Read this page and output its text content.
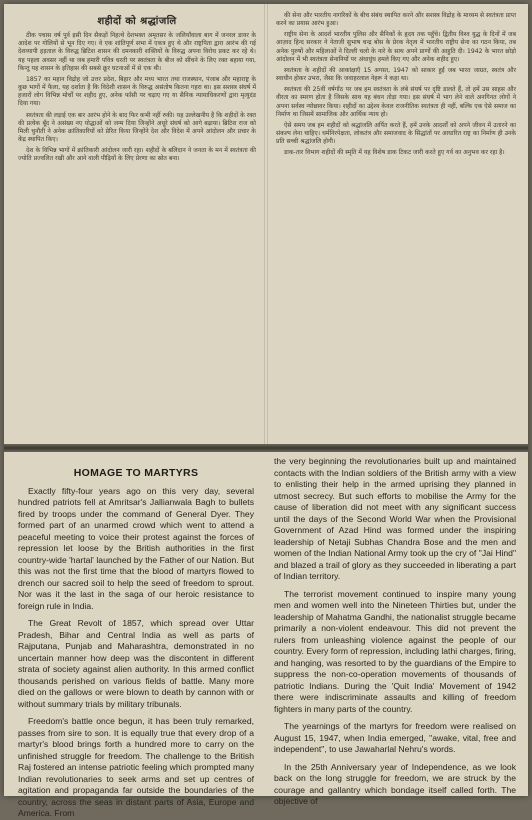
शहीदों को श्रद्धांजलि

ठीक पचास वर्ष पूर्व इसी दिन सैकड़ों निहत्थे देशभक्त अमृतसर के जलियाँवाला बाग में जनरल डायर के आदेश पर गोलियों से भून दिए गए। वे एक शांतिपूर्ण सभा में एकत्र हुए थे और राष्ट्रपिता द्वारा आरंभ की गई देशव्यापी हड़ताल के विरुद्ध ब्रिटिश शासन की दमनकारी शक्तियों के विरुद्ध अपना विरोध प्रकट कर रहे थे। यह पहला अवसर नहीं था जब हमारी पवित्र धरती पर स्वतंत्रता के बीज को सींचने के लिए रक्त बहाया गया, किन्तु यह शासन के इतिहास की सबसे क्रूर घटनाओं में से एक थी।

1857 का महान विद्रोह जो उत्तर प्रदेश, बिहार और मध्य भारत तथा राजस्थान, पंजाब और महाराष्ट्र के कुछ भागों में फैला, यह दर्शाता है कि विदेशी शासन के विरुद्ध असंतोष कितना गहरा था। इस सशस्त्र संघर्ष में हजारों लोग विभिन्न मोर्चों पर शहीद हुए, अनेक फाँसी पर चढ़ाए गए या सैनिक न्यायाधिकरणों द्वारा मृत्युदंड दिया गया।

स्वतंत्रता की लड़ाई एक बार आरंभ होने के बाद फिर कभी नहीं रुकी। यह उल्लेखनीय है कि शहीदों के रक्त की प्रत्येक बूँद ने असंख्य नए योद्धाओं को जन्म दिया जिन्होंने अधूरे संघर्ष को आगे बढ़ाया। ब्रिटिश राज को मिली चुनौती ने अनेक क्रांतिकारियों को प्रेरित किया जिन्होंने देश और विदेश में अपने आंदोलन और प्रचार के केंद्र स्थापित किए।

देश के विभिन्न भागों में क्रांतिकारी आंदोलन जारी रहा। शहीदों के बलिदान ने जनता के मन में स्वतंत्रता की ज्योति प्रज्वलित रखी और आने वाली पीढ़ियों के लिए प्रेरणा का स्रोत बना।

की सेना और भारतीय नागरिकों के बीच संबंध स्थापित करने और सशस्त्र विद्रोह के माध्यम से स्वतंत्रता प्राप्त करने का प्रयास आरंभ हुआ।

राष्ट्रीय सेना के आदर्श भारतीय पुलिस और सैनिकों के हृदय तक पहुँचे। द्वितीय विश्व युद्ध के दिनों में जब आज़ाद हिन्द सरकार ने नेताजी सुभाष चन्द्र बोस के प्रेरक नेतृत्व में भारतीय राष्ट्रीय सेना का गठन किया, तब अनेक पुरुषों और महिलाओं ने दिल्ली चलो के नारे के साथ अपने प्राणों की आहुति दी। 1942 के भारत छोड़ो आंदोलन में भी स्वतंत्रता सेनानियों पर अंधाधुंध हमले किए गए और अनेक शहीद हुए।

स्वतंत्रता के शहीदों की आकांक्षाएँ 15 अगस्त, 1947 को साकार हुईं जब भारत जाग्रत, स्वतंत्र और स्वाधीन होकर उभरा, जैसा कि जवाहरलाल नेहरू ने कहा था।

स्वतंत्रता की 25वीं वर्षगाँठ पर जब हम स्वतंत्रता के लंबे संघर्ष पर दृष्टि डालते हैं, तो हमें उस साहस और वीरता का स्मरण होता है जिसके साथ यह बंधन तोड़ा गया। इस संघर्ष में भाग लेने वाले अनगिनत लोगों ने अपना सर्वस्व न्योछावर किया। शहीदों का उद्देश्य केवल राजनीतिक स्वतंत्रता ही नहीं, बल्कि एक ऐसे समाज का निर्माण था जिसमें सामाजिक और आर्थिक न्याय हो।

ऐसे समय जब हम शहीदों को श्रद्धांजलि अर्पित करते हैं, हमें उनके आदर्शों को अपने जीवन में उतारने का संकल्प लेना चाहिए। धर्मनिरपेक्षता, लोकतंत्र और समाजवाद के सिद्धांतों पर आधारित राष्ट्र का निर्माण ही उनके प्रति सच्ची श्रद्धांजलि होगी।

डाक-तार विभाग शहीदों की स्मृति में यह विशेष डाक टिकट जारी करते हुए गर्व का अनुभव कर रहा है।

HOMAGE TO MARTYRS

Exactly fifty-four years ago on this very day, several hundred patriots fell at Amritsar's Jallianwala Bagh to bullets fired by troops under the command of General Dyer. They formed part of an unarmed crowd which went to attend a peaceful meeting to voice their protest against the forces of repression let loose by the British authorities in the first country-wide 'hartal' launched by the Father of our Nation. But this was not the first time that the blood of martyrs flowed to drench our sacred soil to help the seed of freedom to sprout. Nor was it the last in the saga of our heroic resistance to foreign rule in India.

The Great Revolt of 1857, which spread over Uttar Pradesh, Bihar and Central India as well as parts of Rajputana, Punjab and Maharashtra, demonstrated in no uncertain manner how deep was the discontent in different strata of society against alien authority. In this armed conflict thousands perished on various fields of battle. Many more died on the gallows or were blown to death by cannon with or without summary trials by military tribunals.

Freedom's battle once begun, it has been truly remarked, passes from sire to son. It is equally true that every drop of a martyr's blood brings forth a hundred more to carry on the unfinished struggle for freedom. The challenge to the British Raj fostered an intense patriotic feeling which prompted many Indian revolutionaries to seek arms and set up centres of agitation and propaganda far outside the boundaries of the country, across the seas in distant parts of Asia, Europe and America. From

the very beginning the revolutionaries built up and maintained contacts with the Indian soldiers of the British army with a view to enlisting their help in the armed uprising they planned in utmost secrecy. But such efforts to mobilise the Army for the cause of liberation did not meet with any significant success until the days of the Second World War when the Provisional Government of Azad Hind was formed under the inspiring leadership of Netaji Subhas Chandra Bose and the men and women of the Indian National Army took up the cry of "Jai Hind" and blazed a trail of glory as they succeeded in liberating a part of Indian territory.

The terrorist movement continued to inspire many young men and women well into the Nineteen Thirties but, under the leadership of Mahatma Gandhi, the nationalist struggle became primarily a non-violent endeavour. This did not prevent the rulers from unleashing violence against the people of our country. Every form of repression, including lathi charges, firing, and hanging, was resorted to by the guardians of the Empire to suppress the non-co-operation movements of thousands of patriotic Indians. During the 'Quit India' Movement of 1942 there were indiscriminate assaults and killing of freedom fighters in many parts of the country.

The yearnings of the martyrs for freedom were realised on August 15, 1947, when India emerged, "awake, vital, free and independent", to use Jawaharlal Nehru's words.

In the 25th Anniversary year of Independence, as we look back on the long struggle for freedom, we are struck by the courage and gallantry which bondage itself called forth. The objective of
